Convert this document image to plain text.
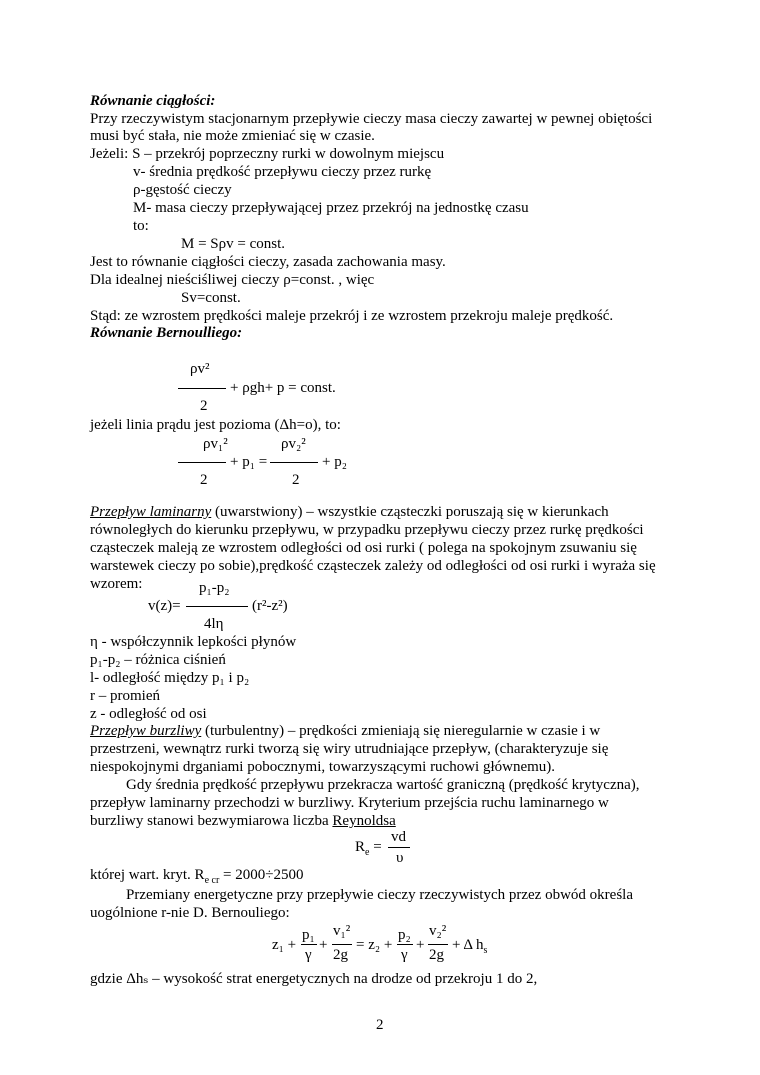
Równanie ciągłości:
Przy rzeczywistym stacjonarnym przepływie cieczy masa cieczy zawartej w pewnej obiętości
musi być stała, nie może zmieniać się w czasie.
Jeżeli: S – przekrój poprzeczny rurki w dowolnym miejscu
v- średnia prędkość przepływu cieczy przez rurkę
ρ-gęstość cieczy
M- masa cieczy przepływającej przez przekrój na jednostkę czasu
to:
M = Sρv = const.
Jest to równanie ciągłości cieczy, zasada zachowania masy.
Dla idealnej nieściśliwej cieczy ρ=const. , więc
Sv=const.
Stąd: ze wzrostem prędkości maleje przekrój i ze wzrostem przekroju maleje prędkość.
Równanie Bernoulliego:
ρv²
+ ρgh+ p = const.
2
jeżeli linia prądu jest pozioma (Δh=o), to:
ρv₁²	ρv₂²
+ p₁ =	+ p₂
2	2
Przepływ laminarny (uwarstwiony) – wszystkie cząsteczki poruszają się w kierunkach
równoległych do kierunku przepływu, w przypadku przepływu cieczy przez rurkę prędkości
cząsteczek maleją ze wzrostem odległości od osi rurki ( polega na spokojnym zsuwaniu się
warstewek cieczy po sobie),prędkość cząsteczek zależy od odległości od osi rurki i wyraża się
wzorem:	p₁-p₂
v(z)=	(r²-z²)
4lη
η - współczynnik lepkości płynów
p₁-p₂ – różnica ciśnień
l- odległość między p₁ i p₂
r – promień
z - odległość od osi
Przepływ burzliwy (turbulentny) – prędkości zmieniają się nieregularnie w czasie i w
przestrzeni, wewnątrz rurki tworzą się wiry utrudniające przepływ, (charakteryzuje się
niespokojnymi drganiami pobocznymi, towarzyszącymi ruchowi głównemu).
Gdy średnia prędkość przepływu przekracza wartość graniczną (prędkość krytyczna),
przepływ laminarny przechodzi w burzliwy. Kryterium przejścia ruchu laminarnego w
burzliwy stanowi bezwymiarowa liczba Reynoldsa
vd
$R_e$ =
υ
której wart. kryt. $R_{e cr} = 2000\div 2500$
Przemiany energetyczne przy przepływie cieczy rzeczywistych przez obwód określa
uogólnione r-nie D. Bernouliego:
z₁ +
p₁
γ
+
v₁²
2g
= z₂ +
p₂
γ
+
v₂²
2g
+ Δ $h_s$
gdzie Δhₛ – wysokość strat energetycznych na drodze od przekroju 1 do 2,
2
